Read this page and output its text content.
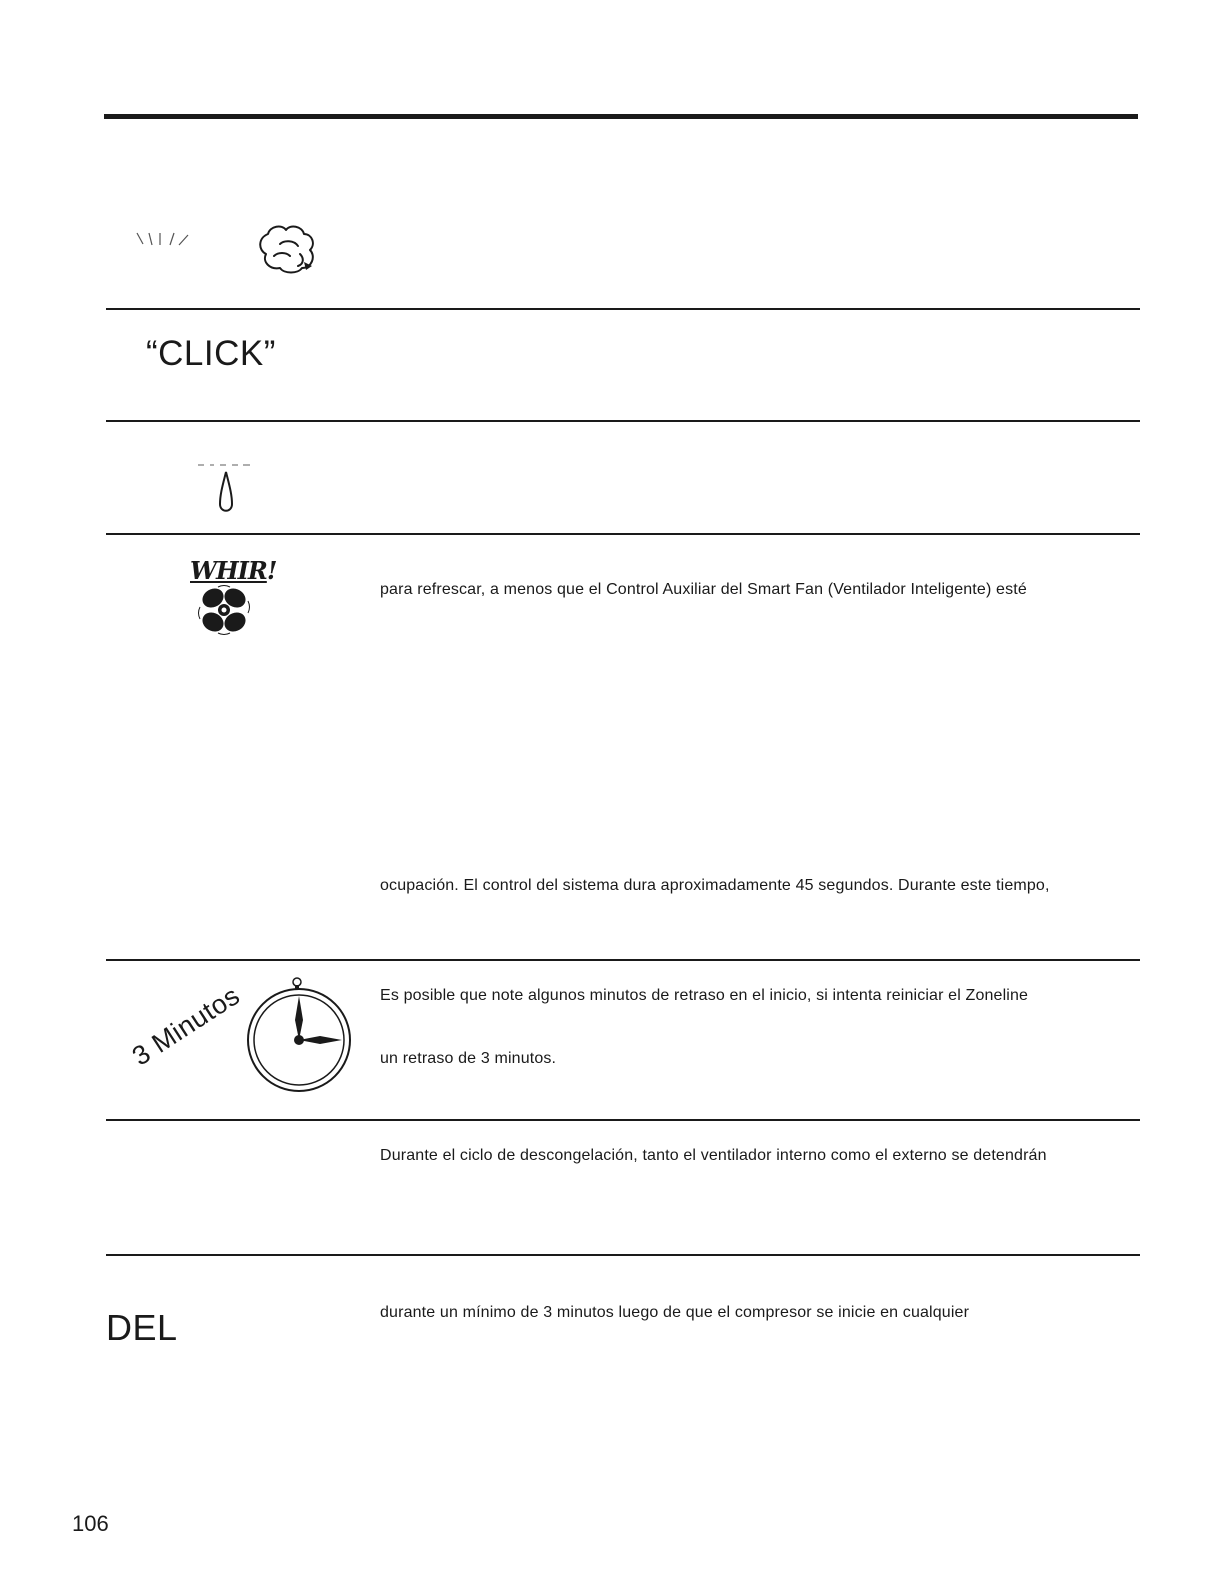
“CLICK”
WHIR!
para refrescar, a menos que el Control Auxiliar del Smart Fan (Ventilador Inteligente) esté
ocupación. El control del sistema dura aproximadamente 45 segundos. Durante este tiempo,
3 Minutos	Es posible que note algunos minutos de retraso en el inicio, si intenta reiniciar el Zoneline
un retraso de 3 minutos.
Durante el ciclo de descongelación, tanto el ventilador interno como el externo se detendrán
DEL	durante un mínimo de 3 minutos luego de que el compresor se inicie en cualquier
106
